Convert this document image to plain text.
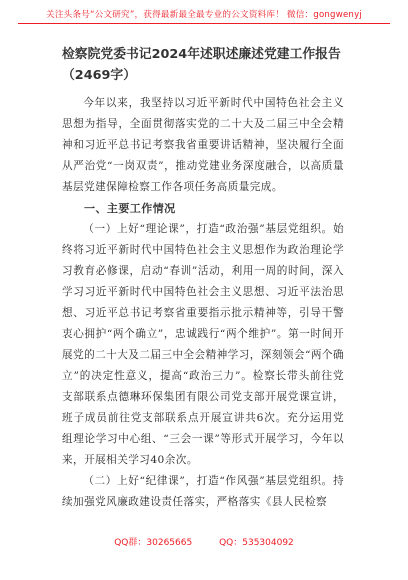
关注头条号“公文研究”，获得最新最全最专业的公文资料库！ 微信：gongwenyj
检察院党委书记2024年述职述廉述党建工作报告（2469字）

今年以来，我坚持以习近平新时代中国特色社会主义思想为指导，全面贯彻落实党的二十大及二届三中全会精神和习近平总书记考察我省重要讲话精神，坚决履行全面从严治党“一岗双责”，推动党建业务深度融合，以高质量基层党建保障检察工作各项任务高质量完成。

一、主要工作情况

（一）上好“理论课”，打造“政治强”基层党组织。始终将习近平新时代中国特色社会主义思想作为政治理论学习教育必修课，启动“春训”活动，利用一周的时间，深入学习习近平新时代中国特色社会主义思想、习近平法治思想、习近平总书记考察省重要指示批示精神等，引导干警衷心拥护“两个确立”，忠诚践行“两个维护”。第一时间开展党的二十大及二届三中全会精神学习，深刻领会“两个确立”的决定性意义，提高“政治三力”。检察长带头前往党支部联系点德琳环保集团有限公司党支部开展党课宣讲，班子成员前往党支部联系点开展宣讲共6次。充分运用党组理论学习中心组、“三会一课”等形式开展学习，今年以来，开展相关学习40余次。

（二）上好“纪律课”，打造“作风强”基层党组织。持续加强党风廉政建设责任落实，严格落实《县人民检察

QQ群：30265665	QQ：535304092
